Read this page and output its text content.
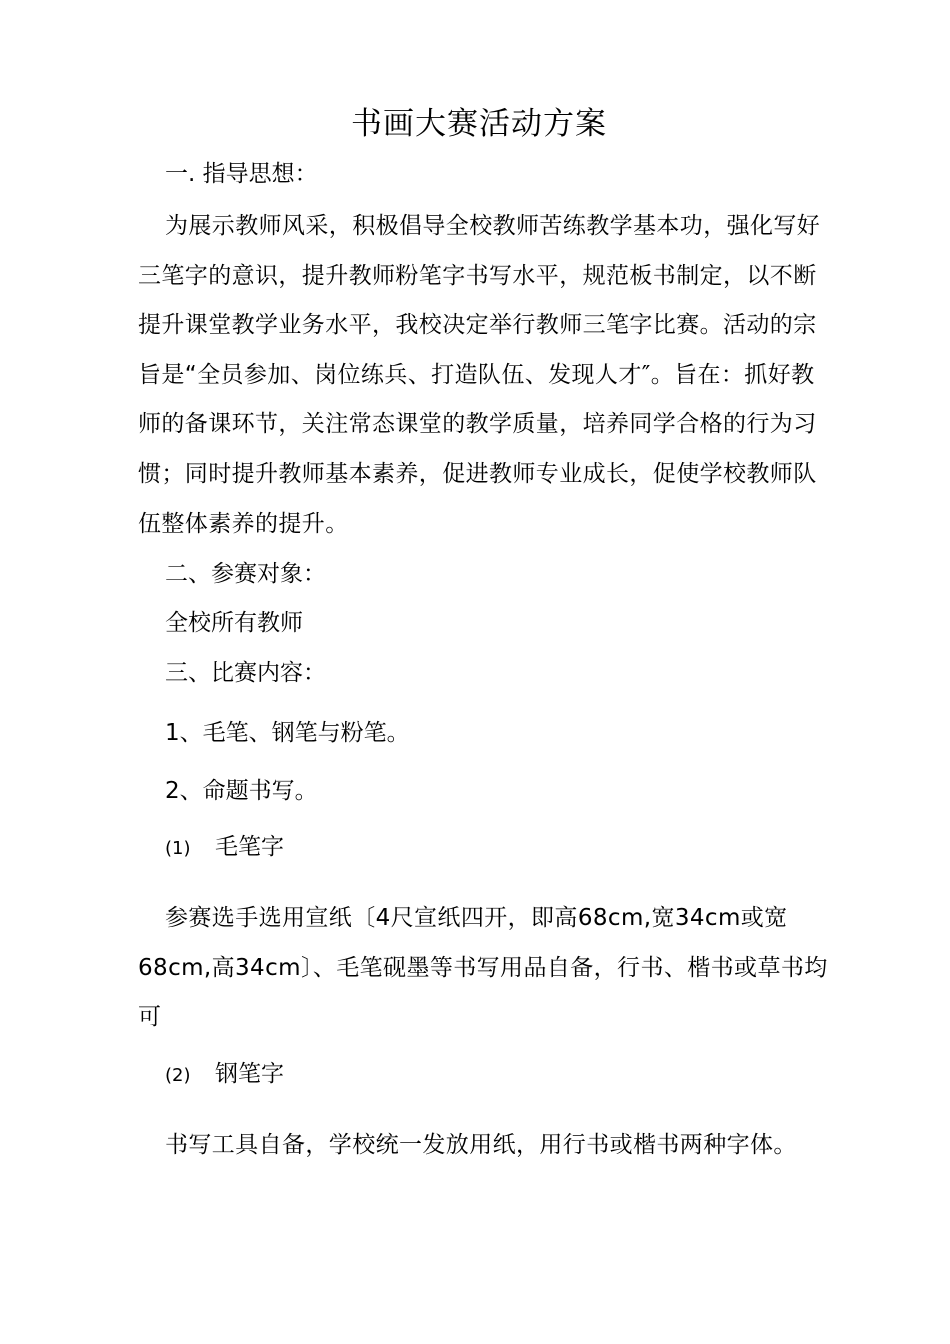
书画大赛活动方案
一. 指导思想：

为展示教师风采，积极倡导全校教师苦练教学基本功，强化写好三笔字的意识，提升教师粉笔字书写水平，规范板书制定，以不断提升课堂教学业务水平，我校决定举行教师三笔字比赛。活动的宗旨是“全员参加、岗位练兵、打造队伍、发现人才″。旨在：抓好教师的备课环节，关注常态课堂的教学质量，培养同学合格的行为习惯；同时提升教师基本素养，促进教师专业成长，促使学校教师队伍整体素养的提升。

二、参赛对象：
全校所有教师
三、比赛内容：
1、毛笔、钢笔与粉笔。
2、命题书写。
(1) 毛笔字

参赛选手选用宣纸〔4尺宣纸四开，即高68cm,宽34cm或宽68cm,高34cm〕、毛笔砚墨等书写用品自备，行书、楷书或草书均可

(2) 钢笔字

书写工具自备，学校统一发放用纸，用行书或楷书两种字体。
